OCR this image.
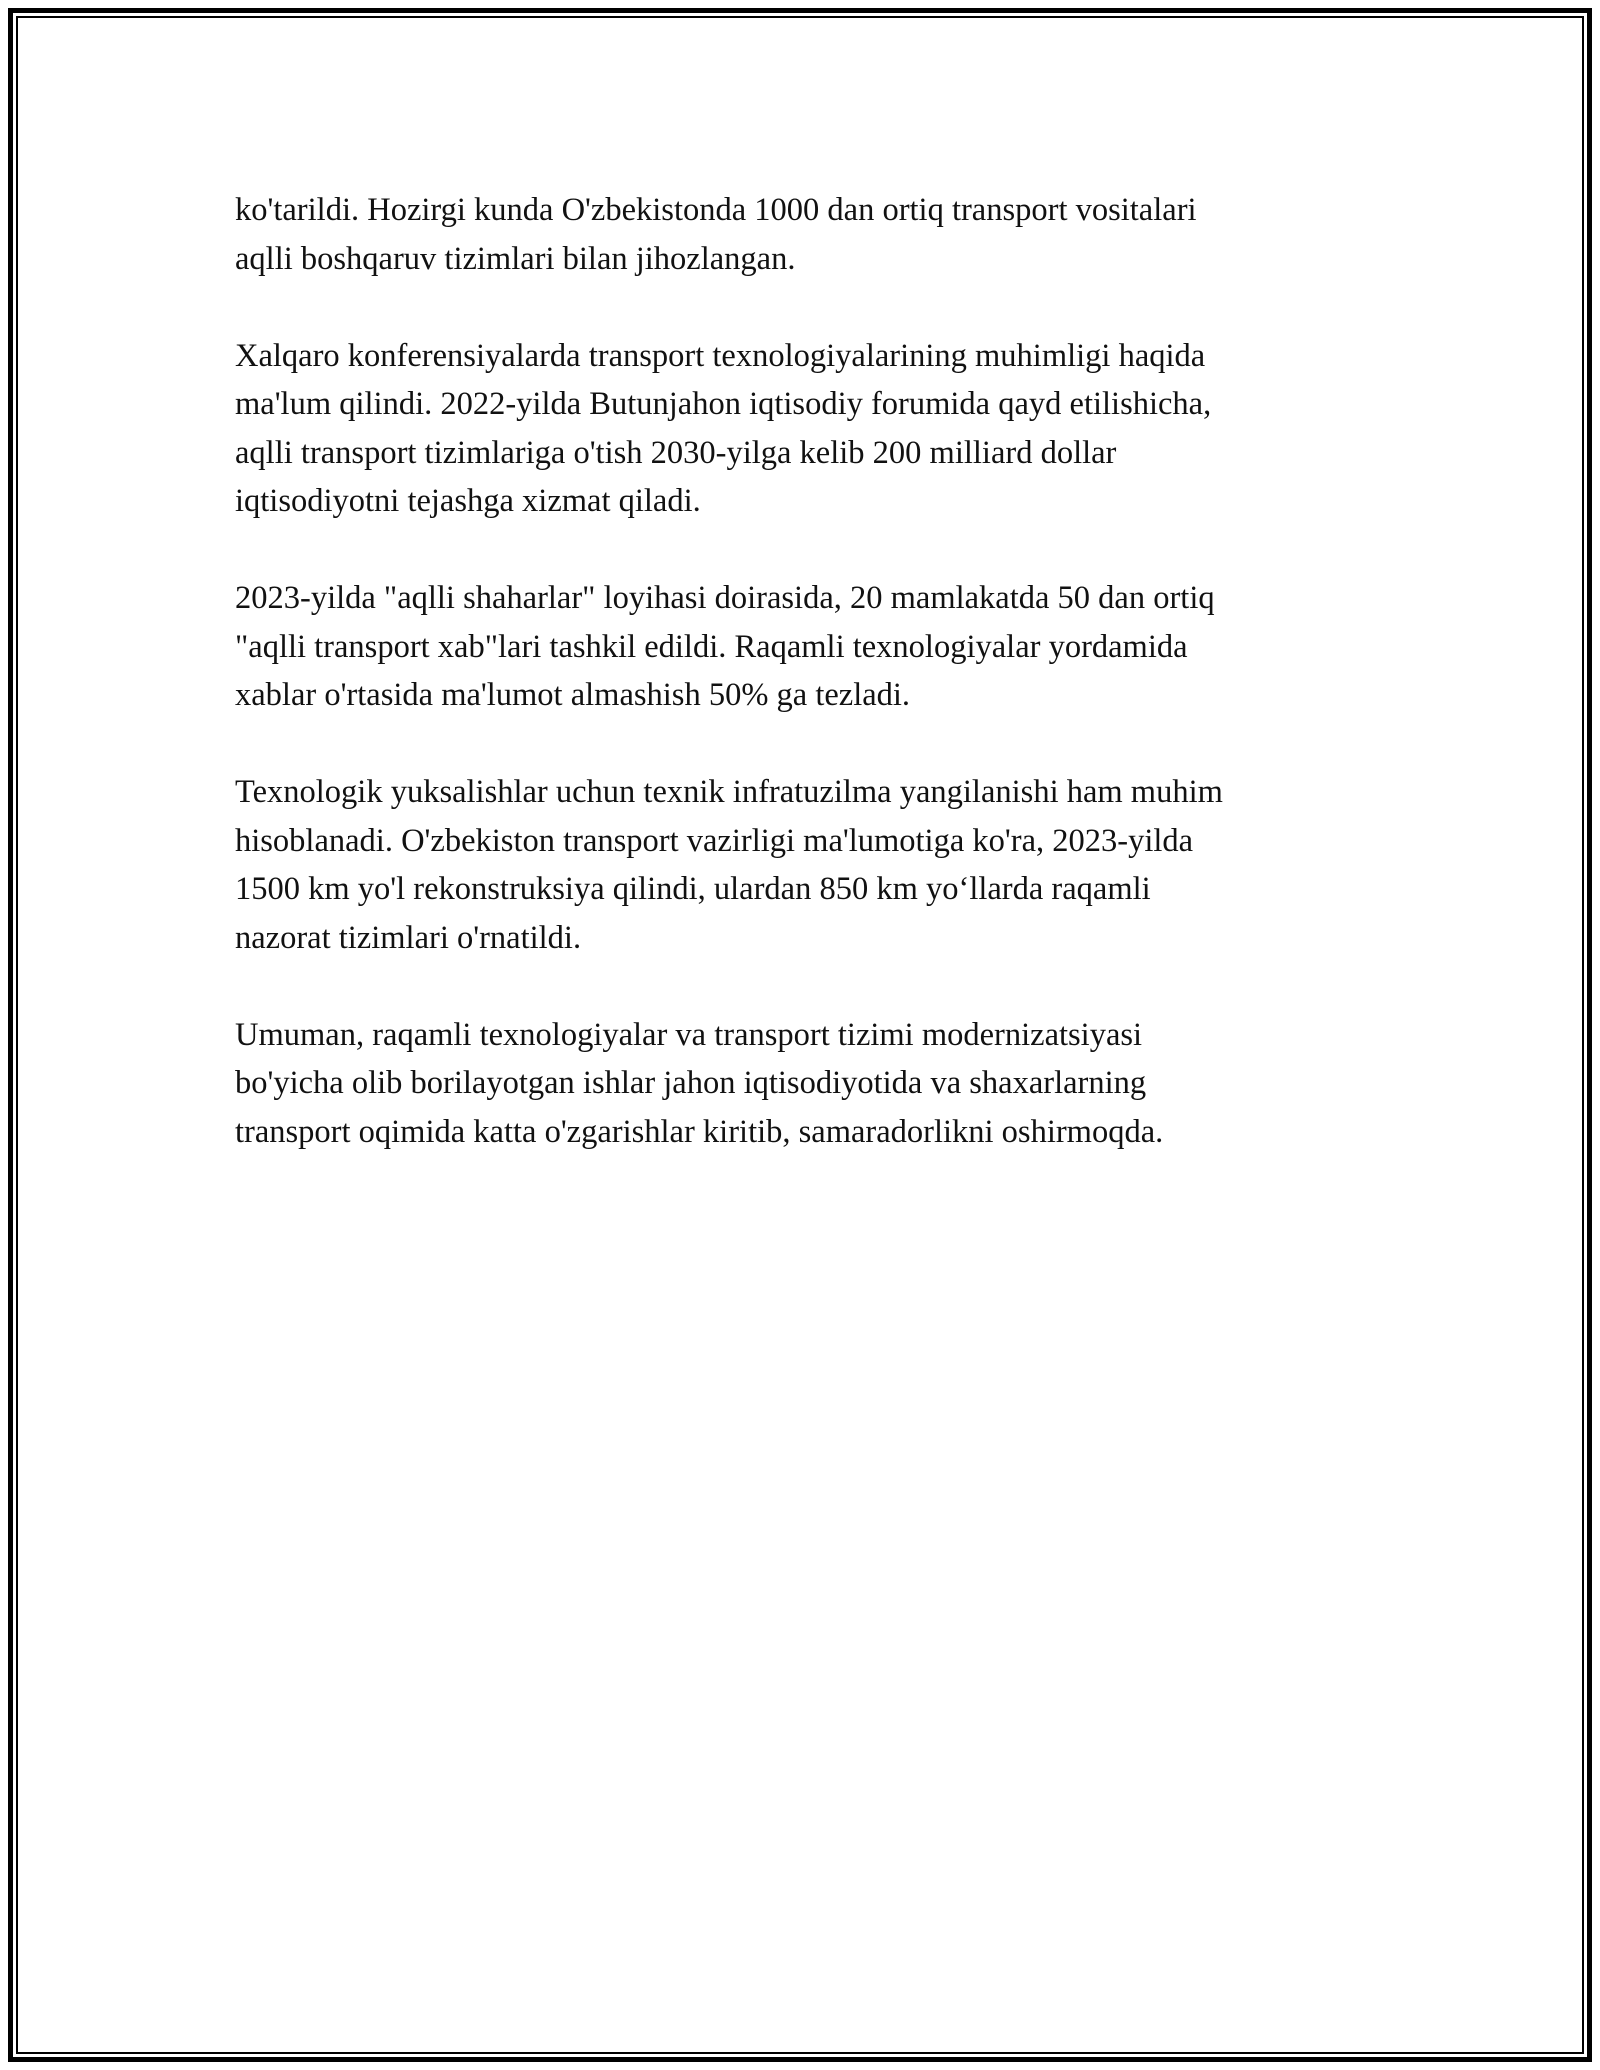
ko'tarildi. Hozirgi kunda O'zbekistonda 1000 dan ortiq transport vositalari
aqlli boshqaruv tizimlari bilan jihozlangan.

Xalqaro konferensiyalarda transport texnologiyalarining muhimligi haqida
ma'lum qilindi. 2022-yilda Butunjahon iqtisodiy forumida qayd etilishicha,
aqlli transport tizimlariga o'tish 2030-yilga kelib 200 milliard dollar
iqtisodiyotni tejashga xizmat qiladi.

2023-yilda "aqlli shaharlar" loyihasi doirasida, 20 mamlakatda 50 dan ortiq
"aqlli transport xab"lari tashkil edildi. Raqamli texnologiyalar yordamida
xablar o'rtasida ma'lumot almashish 50% ga tezladi.

Texnologik yuksalishlar uchun texnik infratuzilma yangilanishi ham muhim
hisoblanadi. O'zbekiston transport vazirligi ma'lumotiga ko'ra, 2023-yilda
1500 km yo'l rekonstruksiya qilindi, ulardan 850 km yo‘llarda raqamli
nazorat tizimlari o'rnatildi.

Umuman, raqamli texnologiyalar va transport tizimi modernizatsiyasi
bo'yicha olib borilayotgan ishlar jahon iqtisodiyotida va shaxarlarning
transport oqimida katta o'zgarishlar kiritib, samaradorlikni oshirmoqda.
